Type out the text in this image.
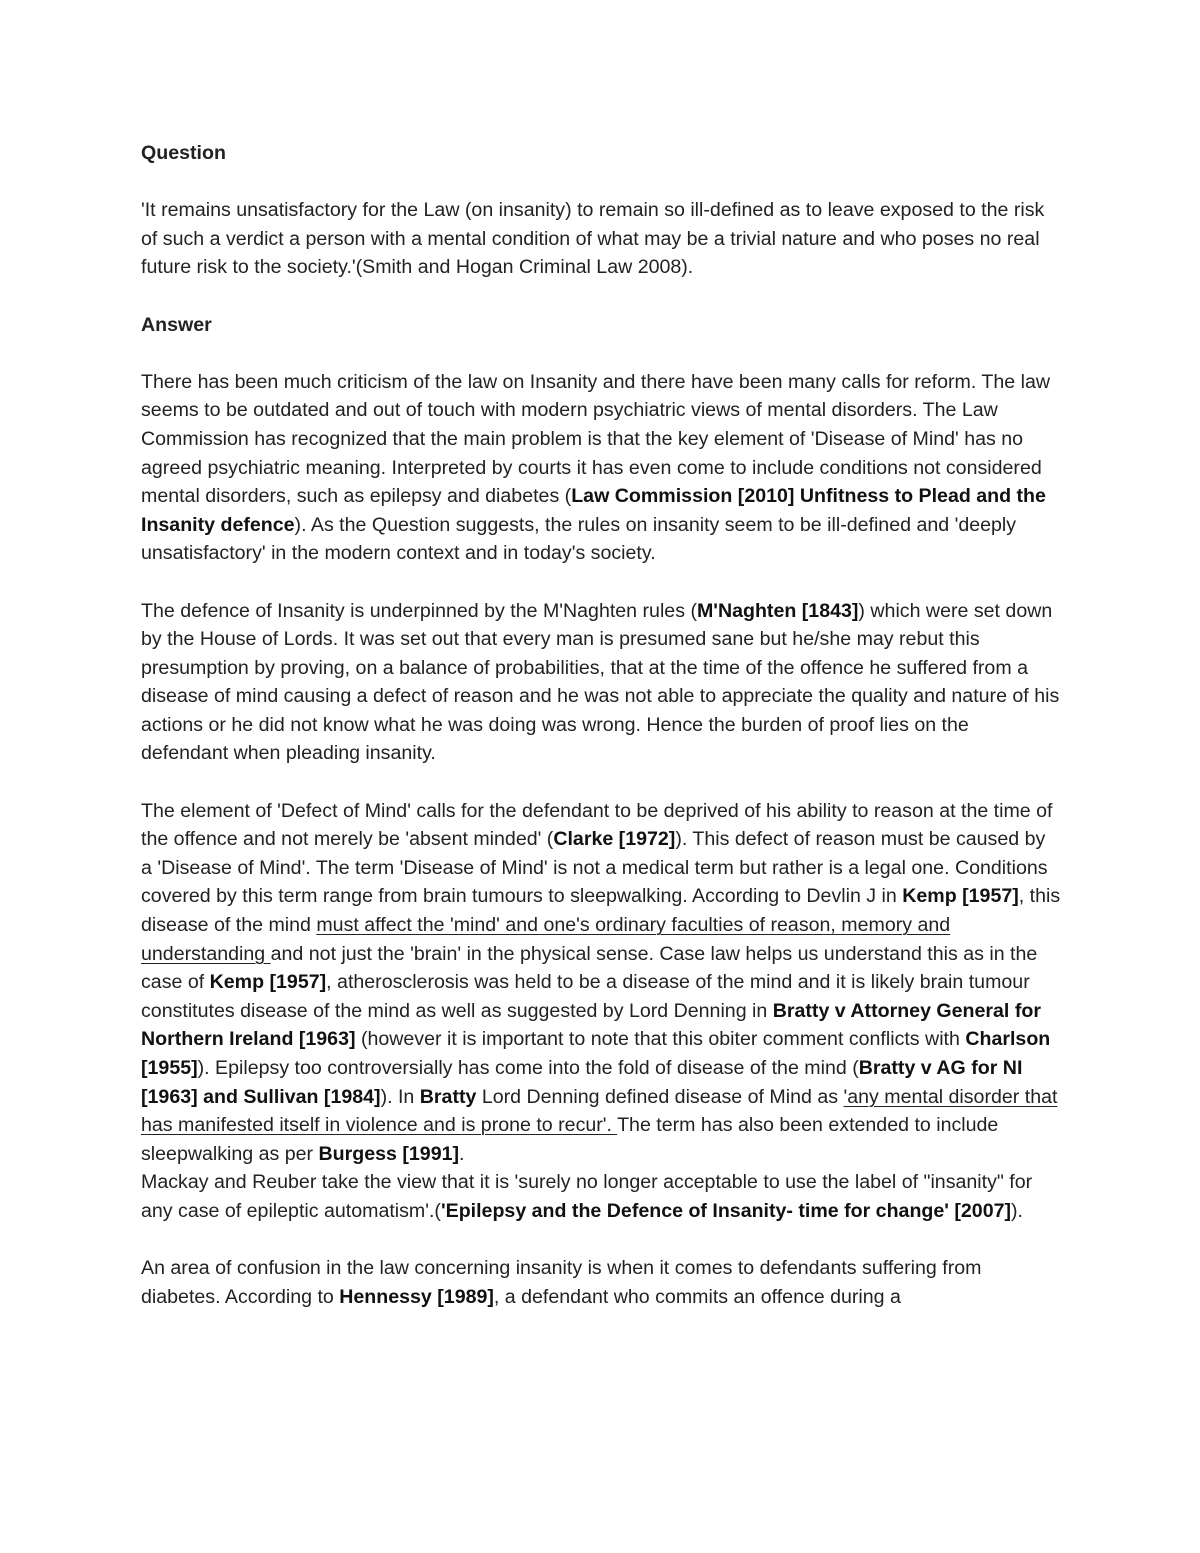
Question
'It remains unsatisfactory for the Law (on insanity) to remain so ill-defined as to leave exposed to the risk of such a verdict a person with a mental condition of what may be a trivial nature and who poses no real future risk to the society.'(Smith and Hogan Criminal Law 2008).
Answer
There has been much criticism of the law on Insanity and there have been many calls for reform. The law seems to be outdated and out of touch with modern psychiatric views of mental disorders. The Law Commission has recognized that the main problem is that the key element of 'Disease of Mind' has no agreed psychiatric meaning. Interpreted by courts it has even come to include conditions not considered mental disorders, such as epilepsy and diabetes (Law Commission [2010] Unfitness to Plead and the Insanity defence). As the Question suggests, the rules on insanity seem to be ill-defined and 'deeply unsatisfactory' in the modern context and in today's society.
The defence of Insanity is underpinned by the M'Naghten rules (M'Naghten [1843]) which were set down by the House of Lords. It was set out that every man is presumed sane but he/she may rebut this presumption by proving, on a balance of probabilities, that at the time of the offence he suffered from a disease of mind causing a defect of reason and he was not able to appreciate the quality and nature of his actions or he did not know what he was doing was wrong. Hence the burden of proof lies on the defendant when pleading insanity.
The element of 'Defect of Mind' calls for the defendant to be deprived of his ability to reason at the time of the offence and not merely be 'absent minded' (Clarke [1972]). This defect of reason must be caused by a 'Disease of Mind'. The term 'Disease of Mind' is not a medical term but rather is a legal one. Conditions covered by this term range from brain tumours to sleepwalking. According to Devlin J in Kemp [1957], this disease of the mind must affect the 'mind' and one's ordinary faculties of reason, memory and understanding and not just the 'brain' in the physical sense. Case law helps us understand this as in the case of Kemp [1957], atherosclerosis was held to be a disease of the mind and it is likely brain tumour constitutes disease of the mind as well as suggested by Lord Denning in Bratty v Attorney General for Northern Ireland [1963] (however it is important to note that this obiter comment conflicts with Charlson [1955]). Epilepsy too controversially has come into the fold of disease of the mind (Bratty v AG for NI [1963] and Sullivan [1984]). In Bratty Lord Denning defined disease of Mind as 'any mental disorder that has manifested itself in violence and is prone to recur'. The term has also been extended to include sleepwalking as per Burgess [1991].
Mackay and Reuber take the view that it is 'surely no longer acceptable to use the label of "insanity" for any case of epileptic automatism'.('Epilepsy and the Defence of Insanity- time for change' [2007]).
An area of confusion in the law concerning insanity is when it comes to defendants suffering from diabetes. According to Hennessy [1989], a defendant who commits an offence during a
